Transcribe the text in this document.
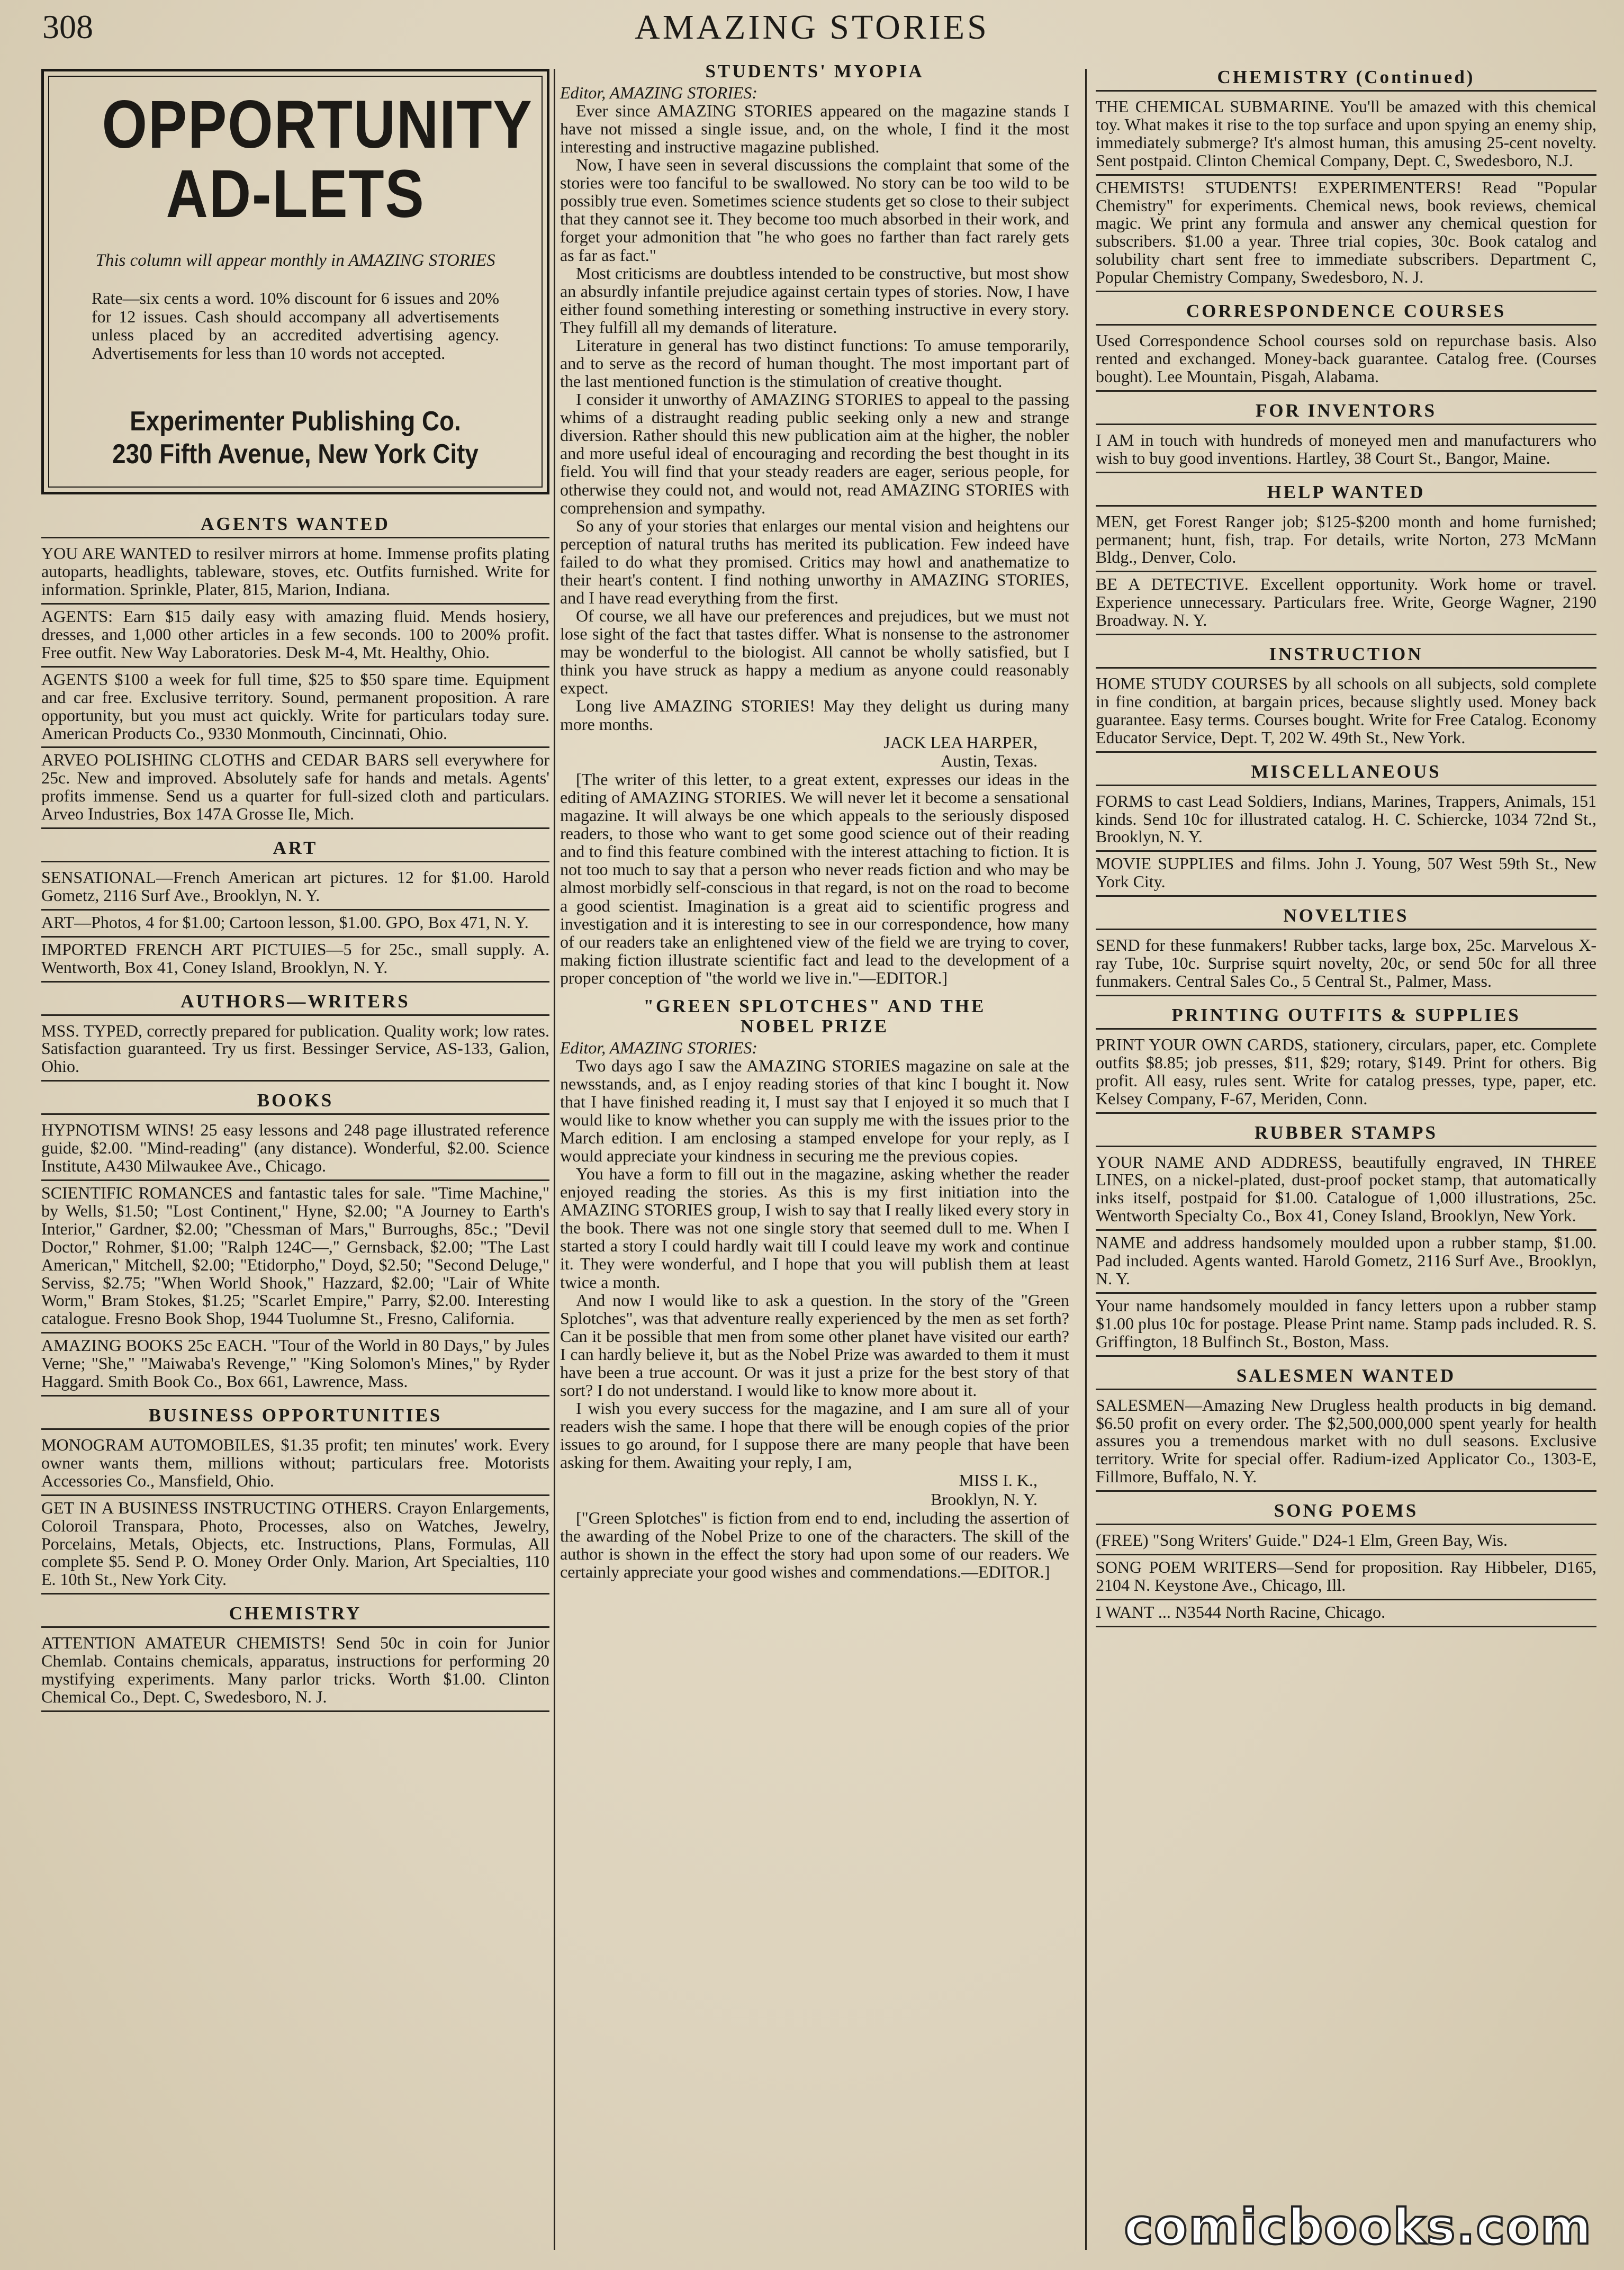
308	AMAZING STORIES
OPPORTUNITY
AD-LETS
This column will appear monthly in AMAZING STORIES
Rate—six cents a word. 10% discount for 6 issues and 20% for 12 issues. Cash should accompany all advertisements unless placed by an accredited advertising agency. Advertisements for less than 10 words not accepted.
Experimenter Publishing Co.
230 Fifth Avenue, New York City
AGENTS WANTED

YOU ARE WANTED to resilver mirrors at home. Immense profits plating autoparts, headlights, tableware, stoves, etc. Outfits furnished. Write for information. Sprinkle, Plater, 815, Marion, Indiana.

AGENTS: Earn $15 daily easy with amazing fluid. Mends hosiery, dresses, and 1,000 other articles in a few seconds. 100 to 200% profit. Free outfit. New Way Laboratories. Desk M-4, Mt. Healthy, Ohio.

AGENTS $100 a week for full time, $25 to $50 spare time. Equipment and car free. Exclusive territory. Sound, permanent proposition. A rare opportunity, but you must act quickly. Write for particulars today sure. American Products Co., 9330 Monmouth, Cincinnati, Ohio.

ARVEO POLISHING CLOTHS and CEDAR BARS sell everywhere for 25c. New and improved. Absolutely safe for hands and metals. Agents' profits immense. Send us a quarter for full-sized cloth and particulars. Arveo Industries, Box 147A Grosse Ile, Mich.

ART

SENSATIONAL—French American art pictures. 12 for $1.00. Harold Gometz, 2116 Surf Ave., Brooklyn, N. Y.

ART—Photos, 4 for $1.00; Cartoon lesson, $1.00. GPO, Box 471, N. Y.

IMPORTED FRENCH ART PICTUIES—5 for 25c., small supply. A. Wentworth, Box 41, Coney Island, Brooklyn, N. Y.

AUTHORS—WRITERS

MSS. TYPED, correctly prepared for publication. Quality work; low rates. Satisfaction guaranteed. Try us first. Bessinger Service, AS-133, Galion, Ohio.

BOOKS

HYPNOTISM WINS! 25 easy lessons and 248 page illustrated reference guide, $2.00. "Mind-reading" (any distance). Wonderful, $2.00. Science Institute, A430 Milwaukee Ave., Chicago.

SCIENTIFIC ROMANCES and fantastic tales for sale. "Time Machine," by Wells, $1.50; "Lost Continent," Hyne, $2.00; "A Journey to Earth's Interior," Gardner, $2.00; "Chessman of Mars," Burroughs, 85c.; "Devil Doctor," Rohmer, $1.00; "Ralph 124C—," Gernsback, $2.00; "The Last American," Mitchell, $2.00; "Etidorpho," Doyd, $2.50; "Second Deluge," Serviss, $2.75; "When World Shook," Hazzard, $2.00; "Lair of White Worm," Bram Stokes, $1.25; "Scarlet Empire," Parry, $2.00. Interesting catalogue. Fresno Book Shop, 1944 Tuolumne St., Fresno, California.

AMAZING BOOKS 25c EACH. "Tour of the World in 80 Days," by Jules Verne; "She," "Maiwaba's Revenge," "King Solomon's Mines," by Ryder Haggard. Smith Book Co., Box 661, Lawrence, Mass.

BUSINESS OPPORTUNITIES

MONOGRAM AUTOMOBILES, $1.35 profit; ten minutes' work. Every owner wants them, millions without; particulars free. Motorists Accessories Co., Mansfield, Ohio.

GET IN A BUSINESS INSTRUCTING OTHERS. Crayon Enlargements, Coloroil Transpara, Photo, Processes, also on Watches, Jewelry, Porcelains, Metals, Objects, etc. Instructions, Plans, Formulas, All complete $5. Send P. O. Money Order Only. Marion, Art Specialties, 110 E. 10th St., New York City.

CHEMISTRY

ATTENTION AMATEUR CHEMISTS! Send 50c in coin for Junior Chemlab. Contains chemicals, apparatus, instructions for performing 20 mystifying experiments. Many parlor tricks. Worth $1.00. Clinton Chemical Co., Dept. C, Swedesboro, N. J.

STUDENTS' MYOPIA

Editor, AMAZING STORIES:

Ever since AMAZING STORIES appeared on the magazine stands I have not missed a single issue, and, on the whole, I find it the most interesting and instructive magazine published.

Now, I have seen in several discussions the complaint that some of the stories were too fanciful to be swallowed. No story can be too wild to be possibly true even. Sometimes science students get so close to their subject that they cannot see it. They become too much absorbed in their work, and forget your admonition that "he who goes no farther than fact rarely gets as far as fact."

Most criticisms are doubtless intended to be constructive, but most show an absurdly infantile prejudice against certain types of stories. Now, I have either found something interesting or something instructive in every story. They fulfill all my demands of literature.

Literature in general has two distinct functions: To amuse temporarily, and to serve as the record of human thought. The most important part of the last mentioned function is the stimulation of creative thought.

I consider it unworthy of AMAZING STORIES to appeal to the passing whims of a distraught reading public seeking only a new and strange diversion. Rather should this new publication aim at the higher, the nobler and more useful ideal of encouraging and recording the best thought in its field. You will find that your steady readers are eager, serious people, for otherwise they could not, and would not, read AMAZING STORIES with comprehension and sympathy.

So any of your stories that enlarges our mental vision and heightens our perception of natural truths has merited its publication. Few indeed have failed to do what they promised. Critics may howl and anathematize to their heart's content. I find nothing unworthy in AMAZING STORIES, and I have read everything from the first.

Of course, we all have our preferences and prejudices, but we must not lose sight of the fact that tastes differ. What is nonsense to the astronomer may be wonderful to the biologist. All cannot be wholly satisfied, but I think you have struck as happy a medium as anyone could reasonably expect.

Long live AMAZING STORIES! May they delight us during many more months.

JACK LEA HARPER,

Austin, Texas.

[The writer of this letter, to a great extent, expresses our ideas in the editing of AMAZING STORIES. We will never let it become a sensational magazine. It will always be one which appeals to the seriously disposed readers, to those who want to get some good science out of their reading and to find this feature combined with the interest attaching to fiction. It is not too much to say that a person who never reads fiction and who may be almost morbidly self-conscious in that regard, is not on the road to become a good scientist. Imagination is a great aid to scientific progress and investigation and it is interesting to see in our correspondence, how many of our readers take an enlightened view of the field we are trying to cover, making fiction illustrate scientific fact and lead to the development of a proper conception of "the world we live in."—EDITOR.]

"GREEN SPLOTCHES" AND THE
NOBEL PRIZE

Editor, AMAZING STORIES:

Two days ago I saw the AMAZING STORIES magazine on sale at the newsstands, and, as I enjoy reading stories of that kinc I bought it. Now that I have finished reading it, I must say that I enjoyed it so much that I would like to know whether you can supply me with the issues prior to the March edition. I am enclosing a stamped envelope for your reply, as I would appreciate your kindness in securing me the previous copies.

You have a form to fill out in the magazine, asking whether the reader enjoyed reading the stories. As this is my first initiation into the AMAZING STORIES group, I wish to say that I really liked every story in the book. There was not one single story that seemed dull to me. When I started a story I could hardly wait till I could leave my work and continue it. They were wonderful, and I hope that you will publish them at least twice a month.

And now I would like to ask a question. In the story of the "Green Splotches", was that adventure really experienced by the men as set forth? Can it be possible that men from some other planet have visited our earth? I can hardly believe it, but as the Nobel Prize was awarded to them it must have been a true account. Or was it just a prize for the best story of that sort? I do not understand. I would like to know more about it.

I wish you every success for the magazine, and I am sure all of your readers wish the same. I hope that there will be enough copies of the prior issues to go around, for I suppose there are many people that have been asking for them. Awaiting your reply, I am,

MISS I. K.,

Brooklyn, N. Y.

["Green Splotches" is fiction from end to end, including the assertion of the awarding of the Nobel Prize to one of the characters. The skill of the author is shown in the effect the story had upon some of our readers. We certainly appreciate your good wishes and commendations.—EDITOR.]

CHEMISTRY (Continued)

THE CHEMICAL SUBMARINE. You'll be amazed with this chemical toy. What makes it rise to the top surface and upon spying an enemy ship, immediately submerge? It's almost human, this amusing 25-cent novelty. Sent postpaid. Clinton Chemical Company, Dept. C, Swedesboro, N.J.

CHEMISTS! STUDENTS! EXPERIMENTERS! Read "Popular Chemistry" for experiments. Chemical news, book reviews, chemical magic. We print any formula and answer any chemical question for subscribers. $1.00 a year. Three trial copies, 30c. Book catalog and solubility chart sent free to immediate subscribers. Department C, Popular Chemistry Company, Swedesboro, N. J.

CORRESPONDENCE COURSES

Used Correspondence School courses sold on repurchase basis. Also rented and exchanged. Money-back guarantee. Catalog free. (Courses bought). Lee Mountain, Pisgah, Alabama.

FOR INVENTORS

I AM in touch with hundreds of moneyed men and manufacturers who wish to buy good inventions. Hartley, 38 Court St., Bangor, Maine.

HELP WANTED

MEN, get Forest Ranger job; $125-$200 month and home furnished; permanent; hunt, fish, trap. For details, write Norton, 273 McMann Bldg., Denver, Colo.

BE A DETECTIVE. Excellent opportunity. Work home or travel. Experience unnecessary. Particulars free. Write, George Wagner, 2190 Broadway. N. Y.

INSTRUCTION

HOME STUDY COURSES by all schools on all subjects, sold complete in fine condition, at bargain prices, because slightly used. Money back guarantee. Easy terms. Courses bought. Write for Free Catalog. Economy Educator Service, Dept. T, 202 W. 49th St., New York.

MISCELLANEOUS

FORMS to cast Lead Soldiers, Indians, Marines, Trappers, Animals, 151 kinds. Send 10c for illustrated catalog. H. C. Schiercke, 1034 72nd St., Brooklyn, N. Y.

MOVIE SUPPLIES and films. John J. Young, 507 West 59th St., New York City.

NOVELTIES

SEND for these funmakers! Rubber tacks, large box, 25c. Marvelous X-ray Tube, 10c. Surprise squirt novelty, 20c, or send 50c for all three funmakers. Central Sales Co., 5 Central St., Palmer, Mass.

PRINTING OUTFITS & SUPPLIES

PRINT YOUR OWN CARDS, stationery, circulars, paper, etc. Complete outfits $8.85; job presses, $11, $29; rotary, $149. Print for others. Big profit. All easy, rules sent. Write for catalog presses, type, paper, etc. Kelsey Company, F-67, Meriden, Conn.

RUBBER STAMPS

YOUR NAME AND ADDRESS, beautifully engraved, IN THREE LINES, on a nickel-plated, dust-proof pocket stamp, that automatically inks itself, postpaid for $1.00. Catalogue of 1,000 illustrations, 25c. Wentworth Specialty Co., Box 41, Coney Island, Brooklyn, New York.

NAME and address handsomely moulded upon a rubber stamp, $1.00. Pad included. Agents wanted. Harold Gometz, 2116 Surf Ave., Brooklyn, N. Y.

Your name handsomely moulded in fancy letters upon a rubber stamp $1.00 plus 10c for postage. Please Print name. Stamp pads included. R. S. Griffington, 18 Bulfinch St., Boston, Mass.

SALESMEN WANTED

SALESMEN—Amazing New Drugless health products in big demand. $6.50 profit on every order. The $2,500,000,000 spent yearly for health assures you a tremendous market with no dull seasons. Exclusive territory. Write for special offer. Radium-ized Applicator Co., 1303-E, Fillmore, Buffalo, N. Y.

SONG POEMS

(FREE) "Song Writers' Guide." D24-1 Elm, Green Bay, Wis.

SONG POEM WRITERS—Send for proposition. Ray Hibbeler, D165, 2104 N. Keystone Ave., Chicago, Ill.

I WANT ... N3544 North Racine, Chicago.

comicbooks.com
